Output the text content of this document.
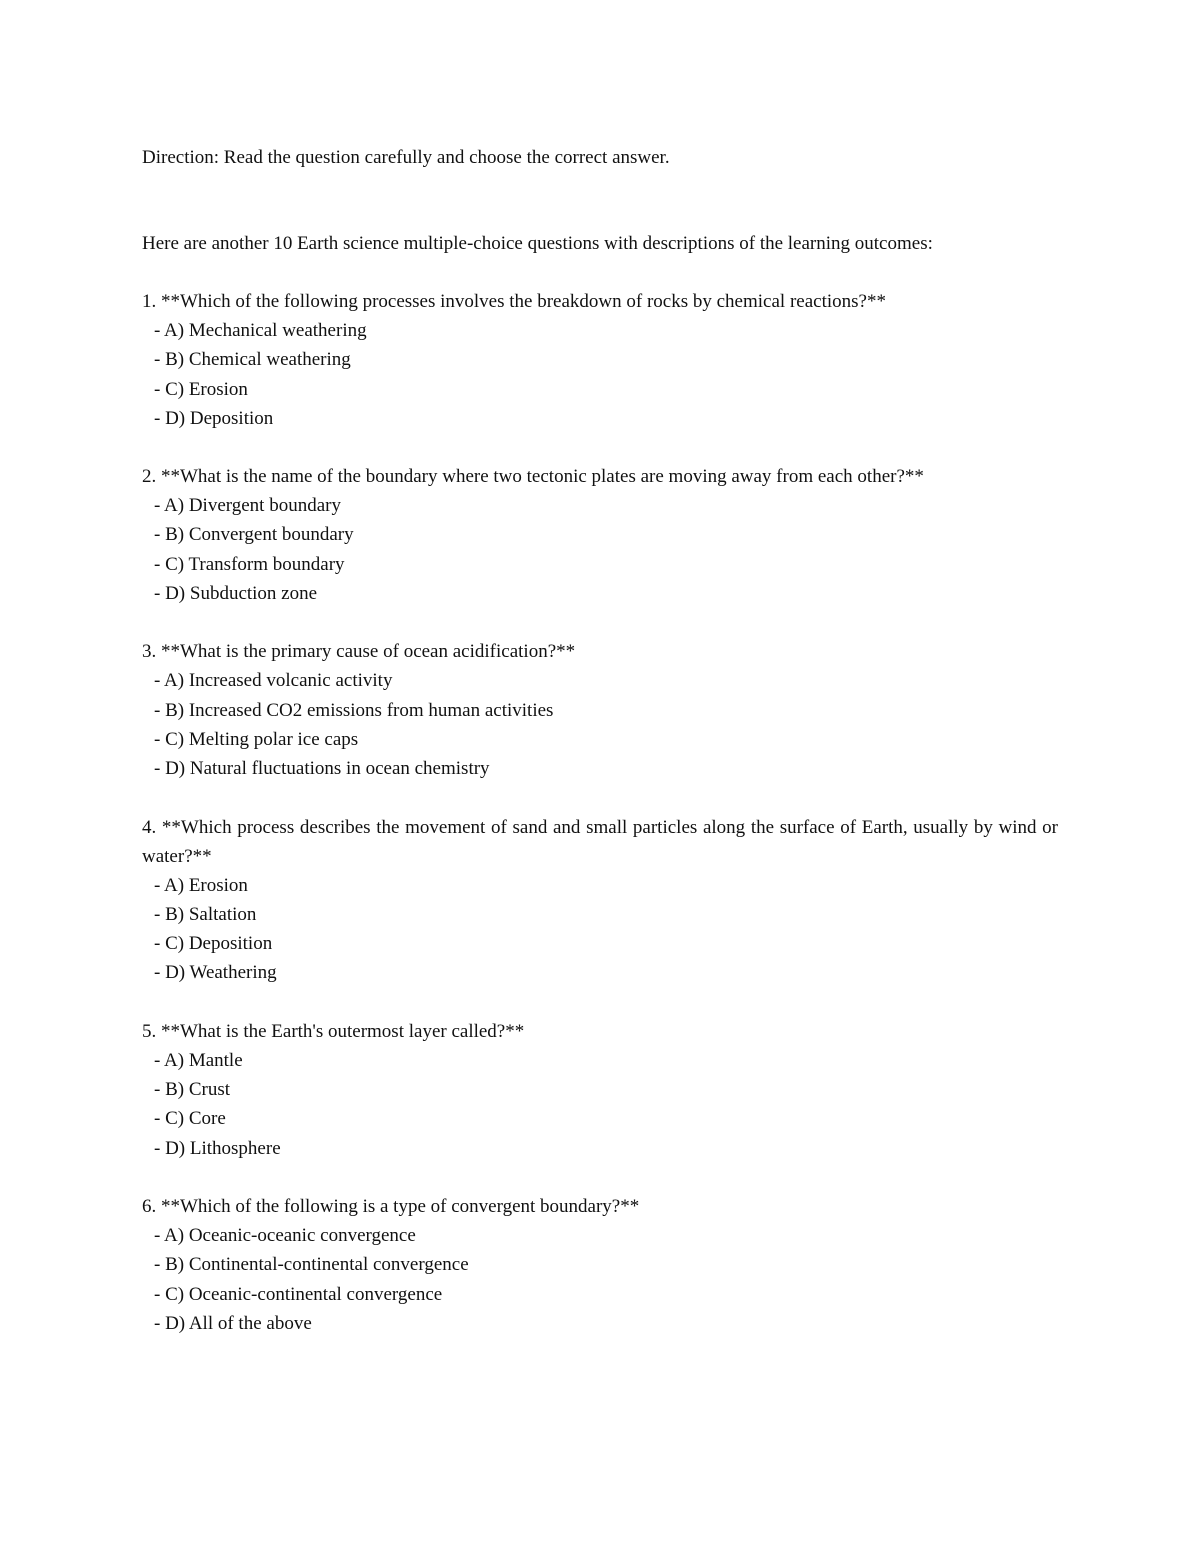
Direction: Read the question carefully and choose the correct answer.

Here are another 10 Earth science multiple-choice questions with descriptions of the learning outcomes:

1. **Which of the following processes involves the breakdown of rocks by chemical reactions?**

- A) Mechanical weathering
- B) Chemical weathering
- C) Erosion
- D) Deposition

2. **What is the name of the boundary where two tectonic plates are moving away from each other?**

- A) Divergent boundary
- B) Convergent boundary
- C) Transform boundary
- D) Subduction zone

3. **What is the primary cause of ocean acidification?**

- A) Increased volcanic activity
- B) Increased CO2 emissions from human activities
- C) Melting polar ice caps
- D) Natural fluctuations in ocean chemistry

4. **Which process describes the movement of sand and small particles along the surface of Earth, usually by wind or water?**

- A) Erosion
- B) Saltation
- C) Deposition
- D) Weathering

5. **What is the Earth's outermost layer called?**

- A) Mantle
- B) Crust
- C) Core
- D) Lithosphere

6. **Which of the following is a type of convergent boundary?**

- A) Oceanic-oceanic convergence
- B) Continental-continental convergence
- C) Oceanic-continental convergence
- D) All of the above
